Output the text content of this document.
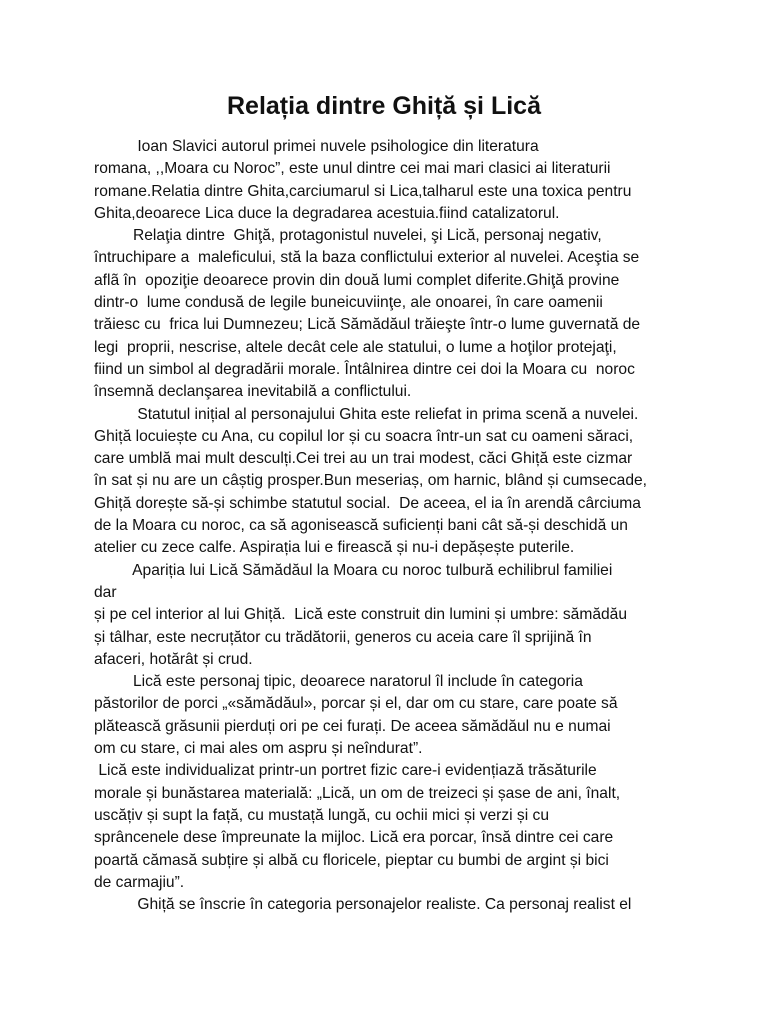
Relația dintre Ghiță și Lică

Ioan Slavici autorul primei nuvele psihologice din literatura

romana, ,,Moara cu Noroc”, este unul dintre cei mai mari clasici ai literaturii

romane.Relatia dintre Ghita,carciumarul si Lica,talharul este una toxica pentru

Ghita,deoarece Lica duce la degradarea acestuia.fiind catalizatorul.

Relaţia dintre  Ghiţă, protagonistul nuvelei, şi Lică, personaj negativ,

întruchipare a  maleficului, stă la baza conflictului exterior al nuvelei. Aceştia se

aflã în  opoziţie deoarece provin din două lumi complet diferite.Ghiţă provine

dintr-o  lume condusă de legile buneicuviinţe, ale onoarei, în care oamenii

trăiesc cu  frica lui Dumnezeu; Lică Sămădăul trăieşte într-o lume guvernată de

legi  proprii, nescrise, altele decât cele ale statului, o lume a hoţilor protejaţi,

fiind un simbol al degradării morale. Întâlnirea dintre cei doi la Moara cu  noroc

însemnă declanşarea inevitabilă a conflictului.

Statutul inițial al personajului Ghita este reliefat in prima scenă a nuvelei.

Ghiță locuiește cu Ana, cu copilul lor și cu soacra într-un sat cu oameni săraci,

care umblă mai mult desculți.Cei trei au un trai modest, căci Ghiță este cizmar

în sat și nu are un câștig prosper.Bun meseriaș, om harnic, blând și cumsecade,

Ghiță dorește să-și schimbe statutul social.  De aceea, el ia în arendă cârciuma

de la Moara cu noroc, ca să agonisească suficienți bani cât să-și deschidă un

atelier cu zece calfe. Aspirația lui e firească și nu-i depășește puterile.

Apariția lui Lică Sămădăul la Moara cu noroc tulbură echilibrul familiei

dar

și pe cel interior al lui Ghiță.  Lică este construit din lumini și umbre: sămădău

și tâlhar, este necruțător cu trădătorii, generos cu aceia care îl sprijină în

afaceri, hotărât și crud.

Lică este personaj tipic, deoarece naratorul îl include în categoria

păstorilor de porci „«sămădăul», porcar și el, dar om cu stare, care poate să

plătească grăsunii pierduți ori pe cei furați. De aceea sămădăul nu e numai

om cu stare, ci mai ales om aspru și neîndurat”.

Lică este individualizat printr-un portret fizic care-i evidențiază trăsăturile

morale și bunăstarea materială: „Lică, un om de treizeci și șase de ani, înalt,

uscățiv și supt la față, cu mustață lungă, cu ochii mici și verzi și cu

sprâncenele dese împreunate la mijloc. Lică era porcar, însă dintre cei care

poartă cămasă subțire și albă cu floricele, pieptar cu bumbi de argint și bici

de carmajiu”.

Ghiță se înscrie în categoria personajelor realiste. Ca personaj realist el
